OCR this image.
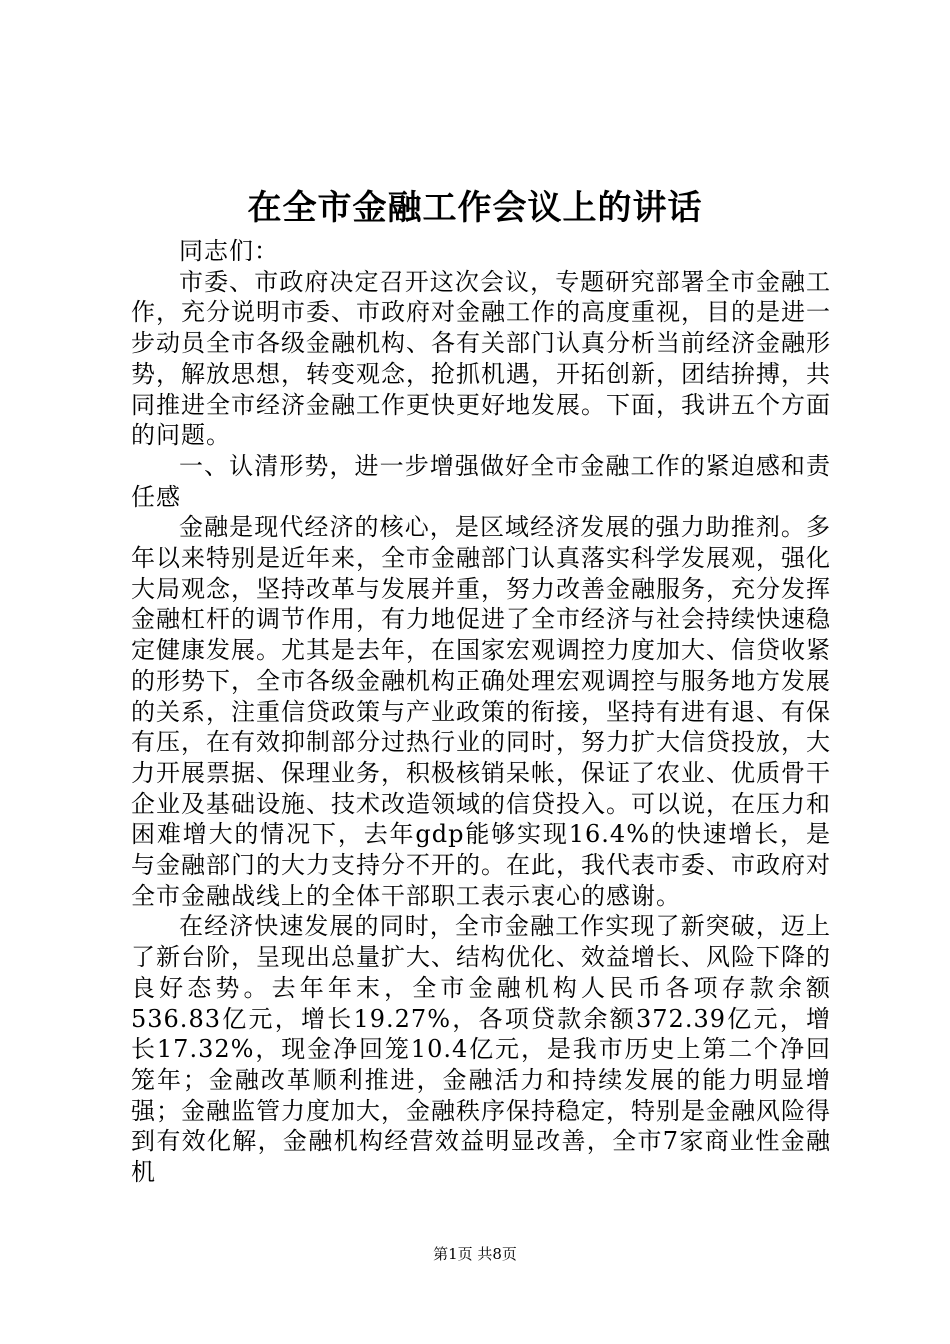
在全市金融工作会议上的讲话

同志们：

市委、市政府决定召开这次会议，专题研究部署全市金融工作，充分说明市委、市政府对金融工作的高度重视，目的是进一步动员全市各级金融机构、各有关部门认真分析当前经济金融形势，解放思想，转变观念，抢抓机遇，开拓创新，团结拚搏，共同推进全市经济金融工作更快更好地发展。下面，我讲五个方面的问题。

一、认清形势，进一步增强做好全市金融工作的紧迫感和责任感

金融是现代经济的核心，是区域经济发展的强力助推剂。多年以来特别是近年来，全市金融部门认真落实科学发展观，强化大局观念，坚持改革与发展并重，努力改善金融服务，充分发挥金融杠杆的调节作用，有力地促进了全市经济与社会持续快速稳定健康发展。尤其是去年，在国家宏观调控力度加大、信贷收紧的形势下，全市各级金融机构正确处理宏观调控与服务地方发展的关系，注重信贷政策与产业政策的衔接，坚持有进有退、有保有压，在有效抑制部分过热行业的同时，努力扩大信贷投放，大力开展票据、保理业务，积极核销呆帐，保证了农业、优质骨干企业及基础设施、技术改造领域的信贷投入。可以说，在压力和困难增大的情况下，去年gdp能够实现16.4%的快速增长，是与金融部门的大力支持分不开的。在此，我代表市委、市政府对全市金融战线上的全体干部职工表示衷心的感谢。

在经济快速发展的同时，全市金融工作实现了新突破，迈上了新台阶，呈现出总量扩大、结构优化、效益增长、风险下降的良好态势。去年年末，全市金融机构人民币各项存款余额536.83亿元，增长19.27%，各项贷款余额372.39亿元，增长17.32%，现金净回笼10.4亿元，是我市历史上第二个净回笼年；金融改革顺利推进，金融活力和持续发展的能力明显增强；金融监管力度加大，金融秩序保持稳定，特别是金融风险得到有效化解，金融机构经营效益明显改善，全市7家商业性金融机

第1页 共8页
